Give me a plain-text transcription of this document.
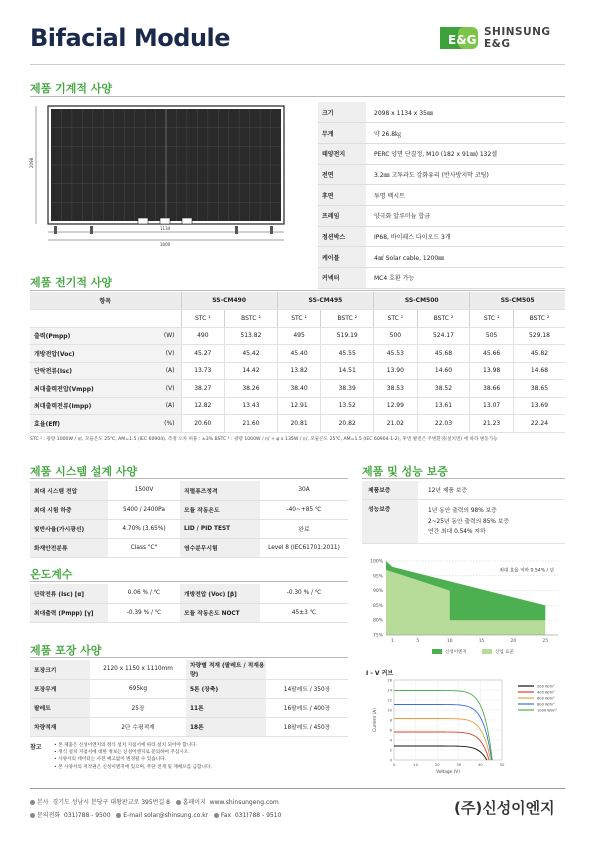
Bifacial Module	E&G
SHINSUNG
E&G
제품 기계적 사양
2098
1134
1000
크기	2098 x 1134 x 35㎜
무게	약 26.8㎏
태양전지	PERC 양면 단결정, M10 (182 x 91㎜) 132셀
전면	3.2㎜ 고투과도 강화유리 (반사방지막 코팅)
후면	투명 백시트
프레임	양극화 알루미늄 합금
정션박스	IP68, 바이패스 다이오드 3개
케이블	4㎟ Solar cable, 1200㎜
커넥터	MC4 호환 가능
제품 전기적 사양
항목		SS-CM490		SS-CM495		SS-CM500		SS-CM505	
		STC ¹	BSTC ²	STC ¹	BSTC ²	STC ¹	BSTC ²	STC ¹	BSTC ²
출력(Pmpp)	(W)	490	513.82	495	519.19	500	524.17	505	529.18
개방전압(Voc)	(V)	45.27	45.42	45.40	45.55	45.53	45.68	45.66	45.82
단락전류(Isc)	(A)	13.73	14.42	13.82	14.51	13.90	14.60	13.98	14.68
최대출력전압(Vmpp)	(V)	38.27	38.26	38.40	38.39	38.53	38.52	38.66	38.65
최대출력전류(Impp)	(A)	12.82	13.43	12.91	13.52	12.99	13.61	13.07	13.69
효율(Eff)	(%)	20.60	21.60	20.81	20.82	21.02	22.03	21.23	22.24
STC ¹ : 광량 1000W / ㎡, 모듈온도 25℃, AM=1.5 (IEC 60904), 측정 오차 허용 : ±3% BSTC ² : 광량 1000W / ㎡ + φ x 135W / ㎡, 모듈온도 25℃, AM=1.5 (IEC 60904-1-2), 후면 발전은 주변환경(설치면) 에 따라 변동가능
제품 시스템 설계 사양
최대 시스템 전압	1500V	직렬퓨즈정격	30A
최대 시험 하중	5400 / 2400Pa	모듈 작동온도	-40~+85 ℃
빛반사율(가시광선)	4.70% (3.65%)	LID / PID TEST	완료
화재안전분류	Class "C"	염수분무시험	Level 8 (IEC61701:2011)
온도계수
단락전류 (Isc) [α]	0.06 % / ℃	개방전압 (Voc) [β]	-0.30 % / ℃
최대출력 (Pmpp) [γ]	-0.39 % / ℃	모듈 작동온도 NOCT	45±3 ℃
제품 포장 사양
포장크기	2120 x 1150 x 1110mm	차량별 적재 (팔레트 / 적재용량)	
포장무게	695kg	5톤 (장축)	14팔레트 / 350장
팔레트	25장	11톤	16팔레트 / 400장
차량적재	2단 수평적재	18톤	18팔레트 / 450장
참고	• 본 제품은 신성이엔지의 정식 설치 지침서에 따라 설치 되어야 합니다.
• 정식 설치 지침서에 대한 정보는 신성이엔지로 문의하여 주십시오.
• 사양서의 데이터는 사전 예고없이 변경될 수 있습니다.
• 본 사양서의 저작권은 신성이엔지에 있으며, 무단 전재 및 재배포를 금합니다.
제품 및 성능 보증
제품보증	12년 제품 보증
성능보증	1년 동안 출력의 98% 보증
2~25년 동안 출력의 85% 보증
연간 최대 0.54% 저하
100%
95%
90%
85%
80%
75%
1	5	10	15	20	25
최대 효율 저하 0.54% / 년
신성이엔지	산업 표준
I - V 커브
0
2
4
6
8
10
12
14
16
0	10	20	30	40	50
Voltage (V)
Current (A)
200 W/m²
400 W/m²
600 W/m²
800 W/m²
1000 W/m²
본사 경기도 성남시 분당구 대왕판교로 395번길 8 홈페이지 www.shinsungeng.com
문의전화 031)788 - 9500 E-mail solar@shinsung.co.kr Fax 031)788 - 9510	(주)신성이엔지
